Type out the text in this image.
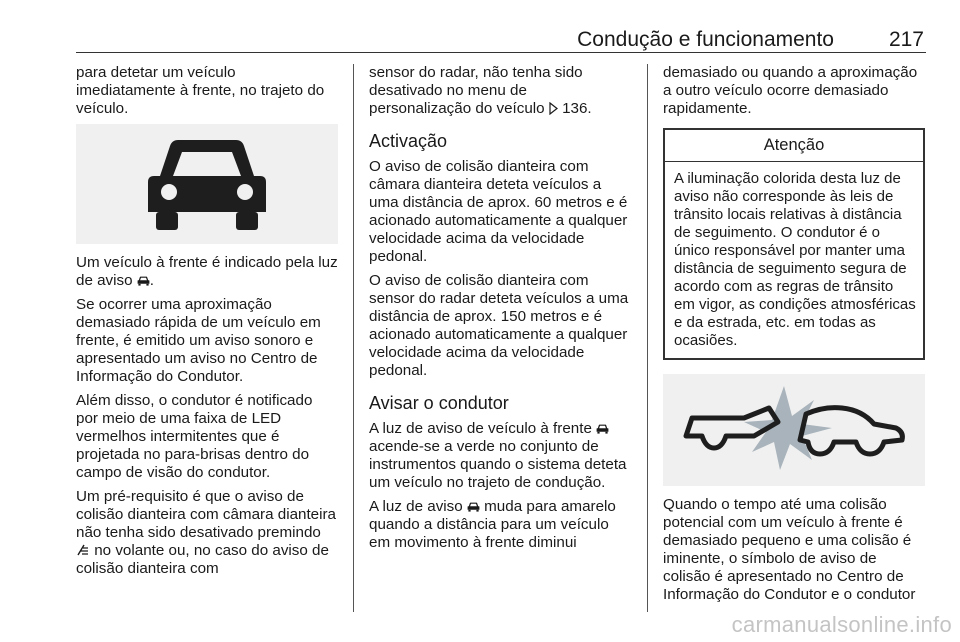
Condução e funcionamento	217

para detetar um veículo imediatamente à frente, no trajeto do veículo.

Um veículo à frente é indicado pela luz de aviso .

Se ocorrer uma aproximação demasiado rápida de um veículo em frente, é emitido um aviso sonoro e apresentado um aviso no Centro de Informação do Condutor.

Além disso, o condutor é notificado por meio de uma faixa de LED vermelhos intermitentes que é projetada no para-brisas dentro do campo de visão do condutor.

Um pré-requisito é que o aviso de colisão dianteira com câmara dianteira não tenha sido desativado premindo  no volante ou, no caso do aviso de colisão dianteira com

sensor do radar, não tenha sido desativado no menu de personalização do veículo  136.

Activação

O aviso de colisão dianteira com câmara dianteira deteta veículos a uma distância de aprox. 60 metros e é acionado automaticamente a qualquer velocidade acima da velocidade pedonal.

O aviso de colisão dianteira com sensor do radar deteta veículos a uma distância de aprox. 150 metros e é acionado automaticamente a qualquer velocidade acima da velocidade pedonal.

Avisar o condutor

A luz de aviso de veículo à frente  acende-se a verde no conjunto de instrumentos quando o sistema deteta um veículo no trajeto de condução.

A luz de aviso  muda para amarelo quando a distância para um veículo em movimento à frente diminui

demasiado ou quando a aproximação a outro veículo ocorre demasiado rapidamente.

Atenção
A iluminação colorida desta luz de aviso não corresponde às leis de trânsito locais relativas à distância de seguimento. O condutor é o único responsável por manter uma distância de seguimento segura de acordo com as regras de trânsito em vigor, as condições atmosféricas e da estrada, etc. em todas as ocasiões.

Quando o tempo até uma colisão potencial com um veículo à frente é demasiado pequeno e uma colisão é iminente, o símbolo de aviso de colisão é apresentado no Centro de Informação do Condutor e o condutor

carmanualsonline.info
